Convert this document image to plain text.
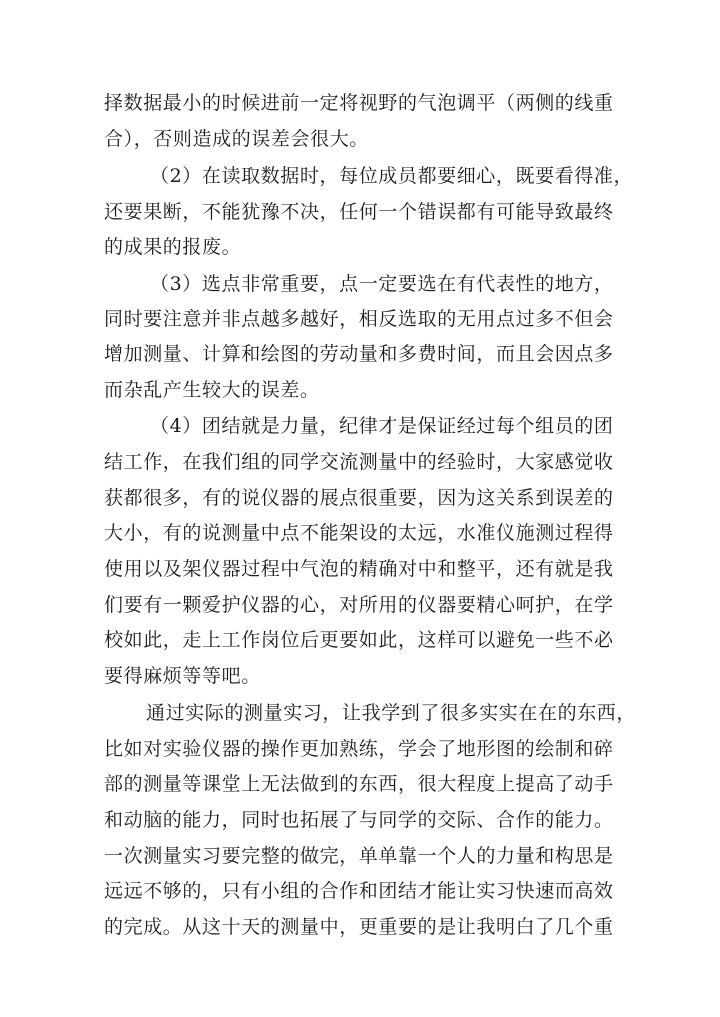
择数据最小的时候进前一定将视野的气泡调平（两侧的线重
合），否则造成的误差会很大。
（2）在读取数据时，每位成员都要细心，既要看得准，
还要果断，不能犹豫不决，任何一个错误都有可能导致最终
的成果的报废。
（3）选点非常重要，点一定要选在有代表性的地方，
同时要注意并非点越多越好，相反选取的无用点过多不但会
增加测量、计算和绘图的劳动量和多费时间，而且会因点多
而杂乱产生较大的误差。
（4）团结就是力量，纪律才是保证经过每个组员的团
结工作，在我们组的同学交流测量中的经验时，大家感觉收
获都很多，有的说仪器的展点很重要，因为这关系到误差的
大小，有的说测量中点不能架设的太远，水准仪施测过程得
使用以及架仪器过程中气泡的精确对中和整平，还有就是我
们要有一颗爱护仪器的心，对所用的仪器要精心呵护，在学
校如此，走上工作岗位后更要如此，这样可以避免一些不必
要得麻烦等等吧。
通过实际的测量实习，让我学到了很多实实在在的东西，
比如对实验仪器的操作更加熟练，学会了地形图的绘制和碎
部的测量等课堂上无法做到的东西，很大程度上提高了动手
和动脑的能力，同时也拓展了与同学的交际、合作的能力。
一次测量实习要完整的做完，单单靠一个人的力量和构思是
远远不够的，只有小组的合作和团结才能让实习快速而高效
的完成。从这十天的测量中，更重要的是让我明白了几个重
